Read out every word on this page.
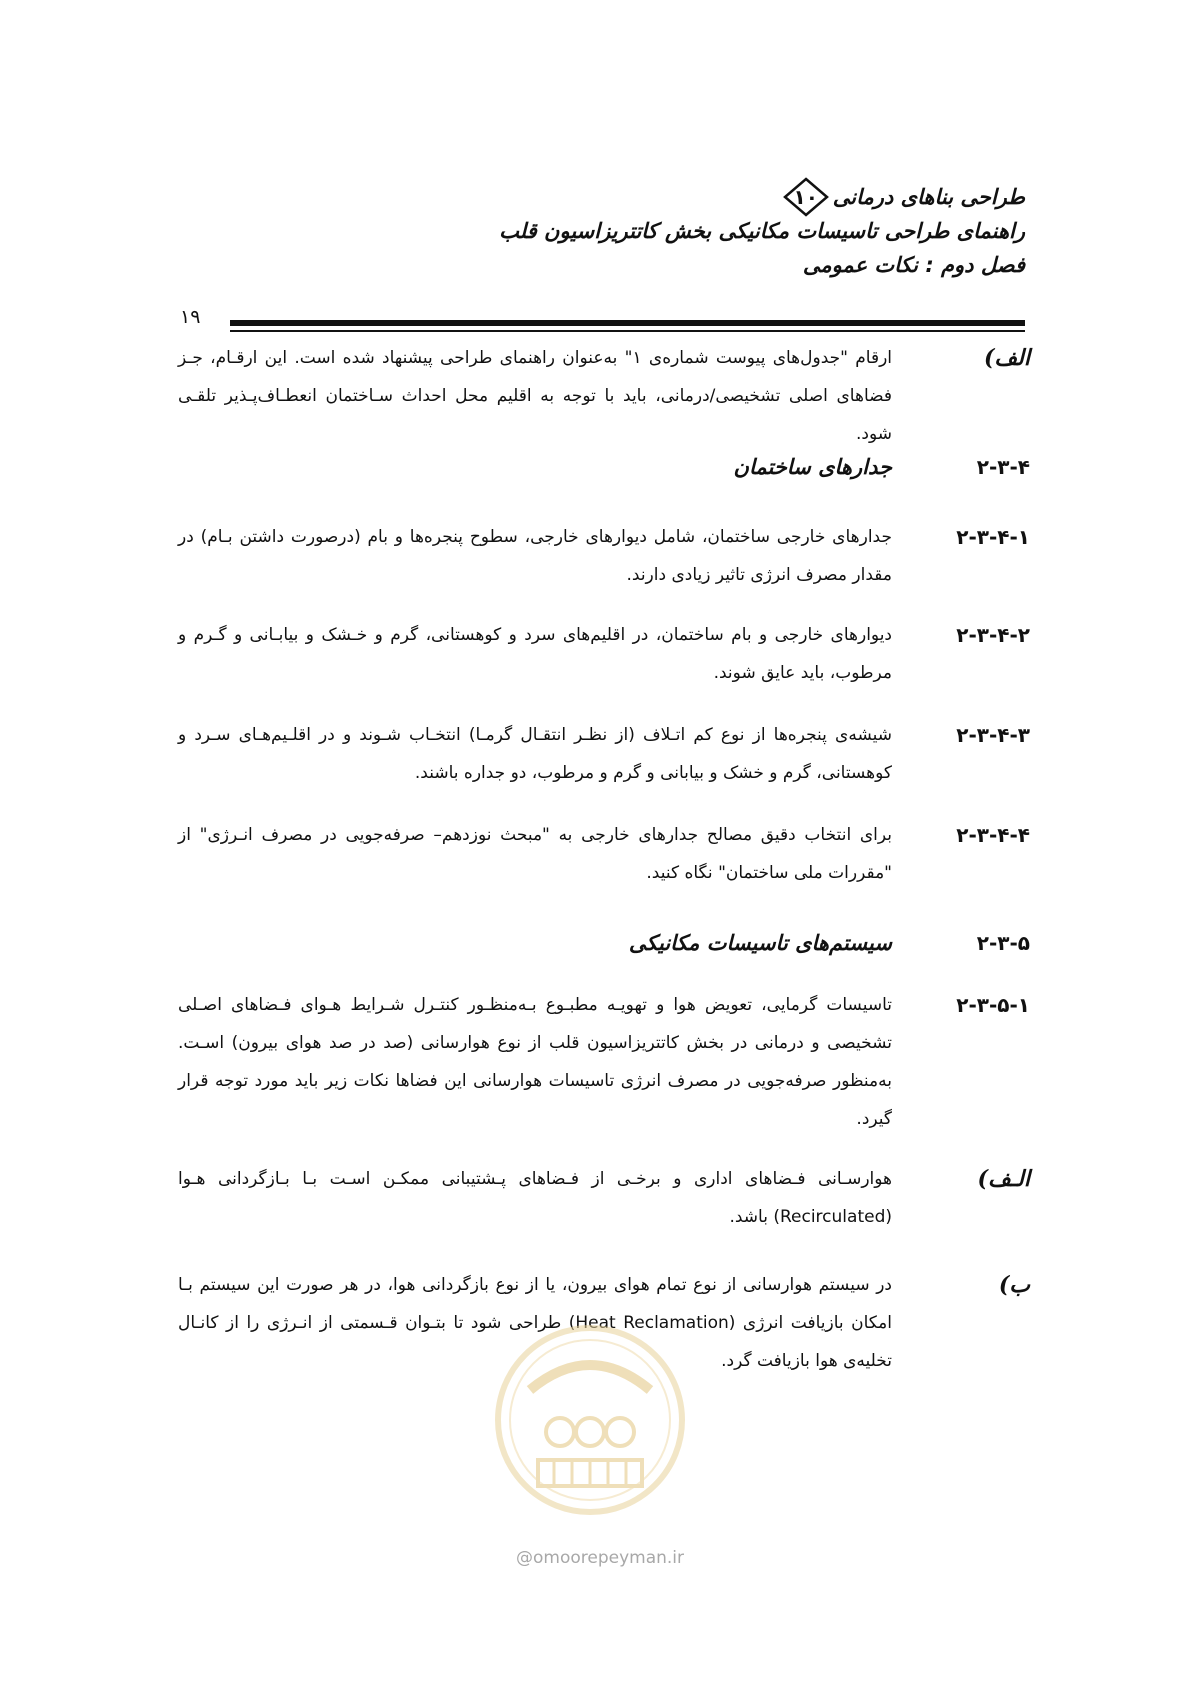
طراحی بناهای درمانی
۱۰
راهنمای طراحی تاسیسات مکانیکی بخش کاتتریزاسیون قلب
فصل دوم : نکات عمومی
۱۹
الف)
ارقام "جدول‌های پیوست شماره‌ی ۱" به‌عنوان راهنمای طراحی پیشنهاد شده است. این ارقـام، جـز فضاهای اصلی تشخیصی/درمانی، باید با توجه به اقلیم محل احداث سـاختمان انعطـاف‌پـذیر تلقـی شود.
۲-۳-۴
جدارهای ساختمان
۲-۳-۴-۱
جدارهای خارجی ساختمان، شامل دیوارهای خارجی، سطوح پنجره‌ها و بام (درصورت داشتن بـام) در مقدار مصرف انرژی تاثیر زیادی دارند.
۲-۳-۴-۲
دیوارهای خارجی و بام ساختمان، در اقلیم‌های سرد و کوهستانی، گرم و خـشک و بیابـانی و گـرم و مرطوب، باید عایق شوند.
۲-۳-۴-۳
شیشه‌ی پنجره‌ها از نوع کم اتـلاف (از نظـر انتقـال گرمـا) انتخـاب شـوند و در اقلـیم‌هـای سـرد و کوهستانی، گرم و خشک و بیابانی و گرم و مرطوب، دو جداره باشند.
۲-۳-۴-۴
برای انتخاب دقیق مصالح جدارهای خارجی به "مبحث نوزدهم– صرفه‌جویی در مصرف انـرژی" از "مقررات ملی ساختمان" نگاه کنید.
۲-۳-۵
سیستم‌های تاسیسات مکانیکی
۲-۳-۵-۱
تاسیسات گرمایی، تعویض هوا و تهویـه مطبـوع بـه‌منظـور کنتـرل شـرایط هـوای فـضاهای اصـلی تشخیصی و درمانی در بخش کاتتریزاسیون قلب از نوع هوارسانی (صد در صد هوای بیرون) اسـت. به‌منظور صرفه‌جویی در مصرف انرژی تاسیسات هوارسانی این فضاها نکات زیر باید مورد توجه قرار گیرد.
الـف)
هوارسـانی فـضاهای اداری و برخـی از فـضاهای پـشتیبانی ممکـن اسـت بـا بـازگردانی هـوا (Recirculated) باشد.
ب)
در سیستم هوارسانی از نوع تمام هوای بیرون، یا از نوع بازگردانی هوا، در هر صورت این سیستم بـا امکان بازیافت انرژی (Heat Reclamation) طراحی شود تا بتـوان قـسمتی از انـرژی را از کانـال تخلیه‌ی هوا بازیافت گرد.
@omoorepeyman.ir
